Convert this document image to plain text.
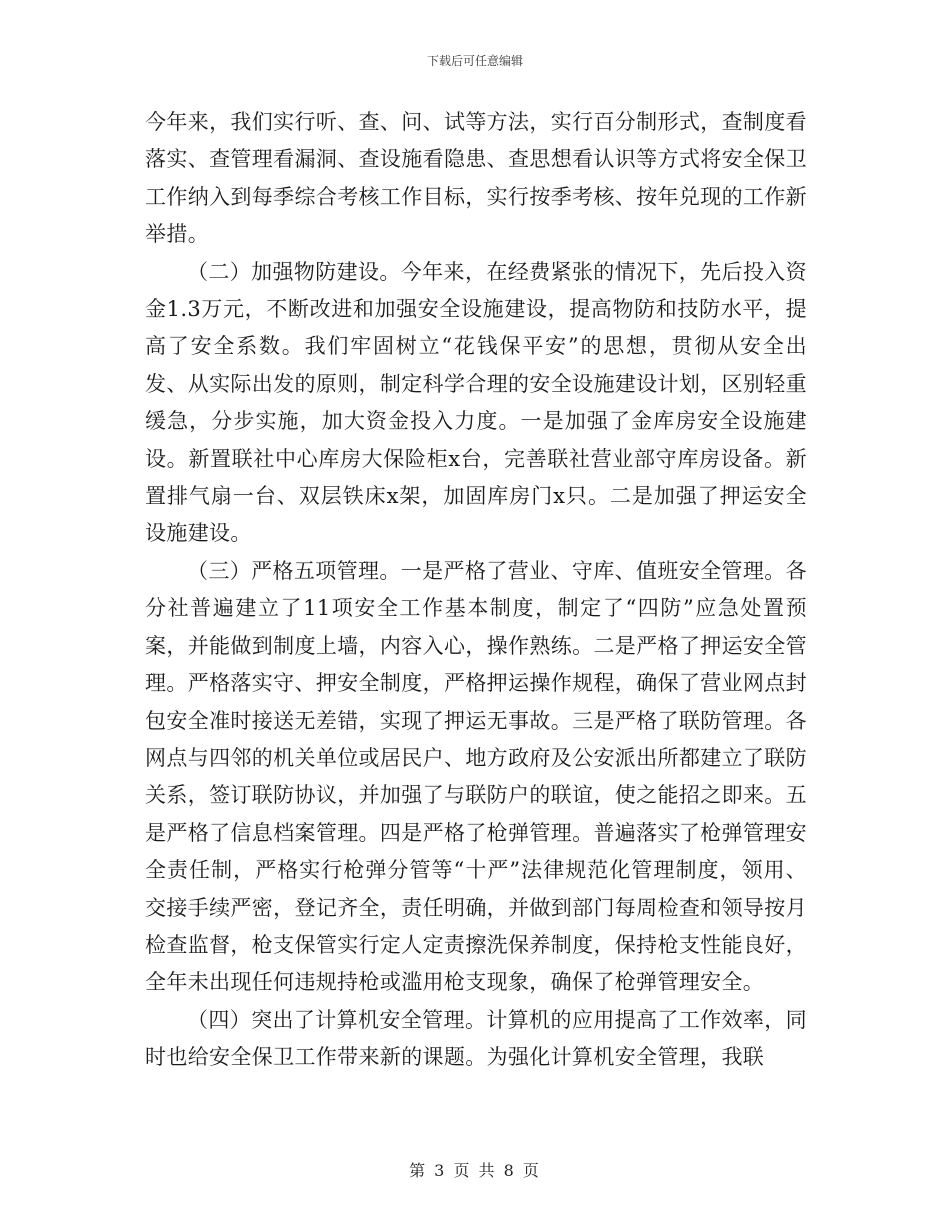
下载后可任意编辑

今年来，我们实行听、查、问、试等方法，实行百分制形式，查制度看落实、查管理看漏洞、查设施看隐患、查思想看认识等方式将安全保卫工作纳入到每季综合考核工作目标，实行按季考核、按年兑现的工作新举措。

（二）加强物防建设。今年来，在经费紧张的情况下，先后投入资金1.3万元，不断改进和加强安全设施建设，提高物防和技防水平，提高了安全系数。我们牢固树立“花钱保平安”的思想，贯彻从安全出发、从实际出发的原则，制定科学合理的安全设施建设计划，区别轻重缓急，分步实施，加大资金投入力度。一是加强了金库房安全设施建设。新置联社中心库房大保险柜x台，完善联社营业部守库房设备。新置排气扇一台、双层铁床x架，加固库房门x只。二是加强了押运安全设施建设。

（三）严格五项管理。一是严格了营业、守库、值班安全管理。各分社普遍建立了11项安全工作基本制度，制定了“四防”应急处置预案，并能做到制度上墙，内容入心，操作熟练。二是严格了押运安全管理。严格落实守、押安全制度，严格押运操作规程，确保了营业网点封包安全准时接送无差错，实现了押运无事故。三是严格了联防管理。各网点与四邻的机关单位或居民户、地方政府及公安派出所都建立了联防关系，签订联防协议，并加强了与联防户的联谊，使之能招之即来。五是严格了信息档案管理。四是严格了枪弹管理。普遍落实了枪弹管理安全责任制，严格实行枪弹分管等“十严”法律规范化管理制度，领用、交接手续严密，登记齐全，责任明确，并做到部门每周检查和领导按月检查监督，枪支保管实行定人定责擦洗保养制度，保持枪支性能良好，全年未出现任何违规持枪或滥用枪支现象，确保了枪弹管理安全。

（四）突出了计算机安全管理。计算机的应用提高了工作效率，同时也给安全保卫工作带来新的课题。为强化计算机安全管理，我联

第 3 页 共 8 页
